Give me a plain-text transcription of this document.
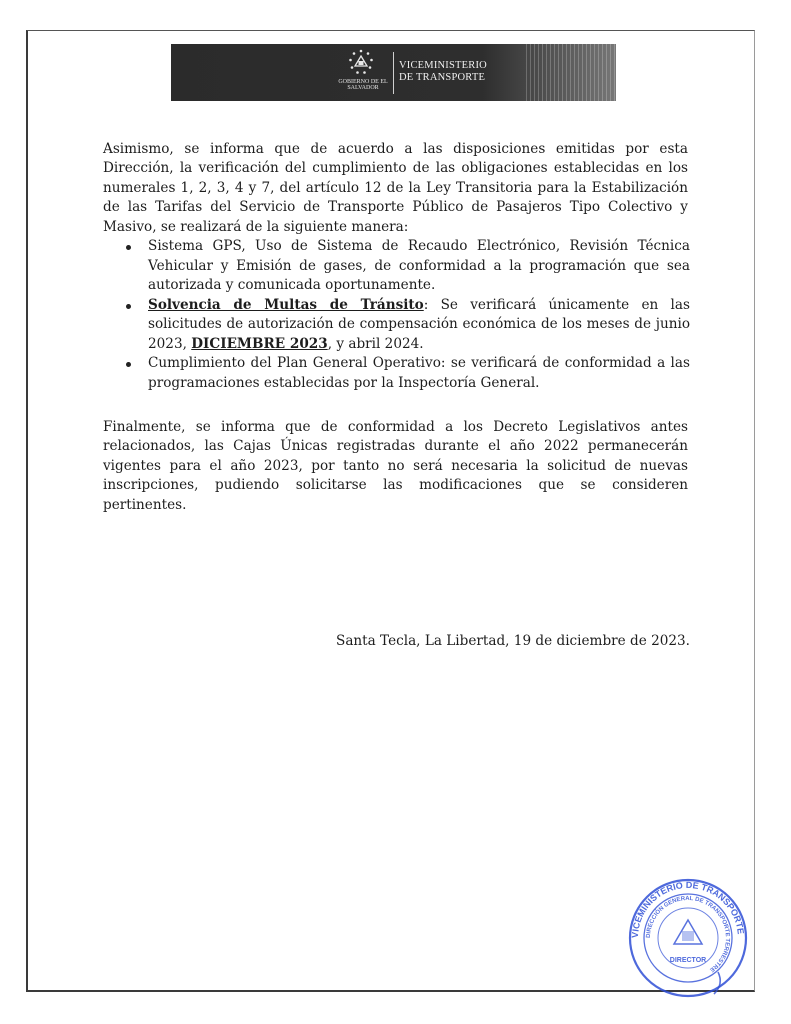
GOBIERNO DE EL SALVADOR
VICEMINISTERIO
DE TRANSPORTE

Asimismo, se informa que de acuerdo a las disposiciones emitidas por esta Dirección, la verificación del cumplimiento de las obligaciones establecidas en los numerales 1, 2, 3, 4 y 7, del artículo 12 de la Ley Transitoria para la Estabilización de las Tarifas del Servicio de Transporte Público de Pasajeros Tipo Colectivo y Masivo, se realizará de la siguiente manera:

Sistema GPS, Uso de Sistema de Recaudo Electrónico, Revisión Técnica Vehicular y Emisión de gases, de conformidad a la programación que sea autorizada y comunicada oportunamente.
Solvencia de Multas de Tránsito: Se verificará únicamente en las solicitudes de autorización de compensación económica de los meses de junio 2023, DICIEMBRE 2023, y abril 2024.
Cumplimiento del Plan General Operativo: se verificará de conformidad a las programaciones establecidas por la Inspectoría General.

Finalmente, se informa que de conformidad a los Decreto Legislativos antes relacionados, las Cajas Únicas registradas durante el año 2022 permanecerán vigentes para el año 2023, por tanto no será necesaria la solicitud de nuevas inscripciones, pudiendo solicitarse las modificaciones que se consideren pertinentes.

Santa Tecla, La Libertad, 19 de diciembre de 2023.
VICEMINISTERIO DE TRANSPORTE
DIRECCIÓN GENERAL DE TRANSPORTE TERRESTRE
DIRECTOR
